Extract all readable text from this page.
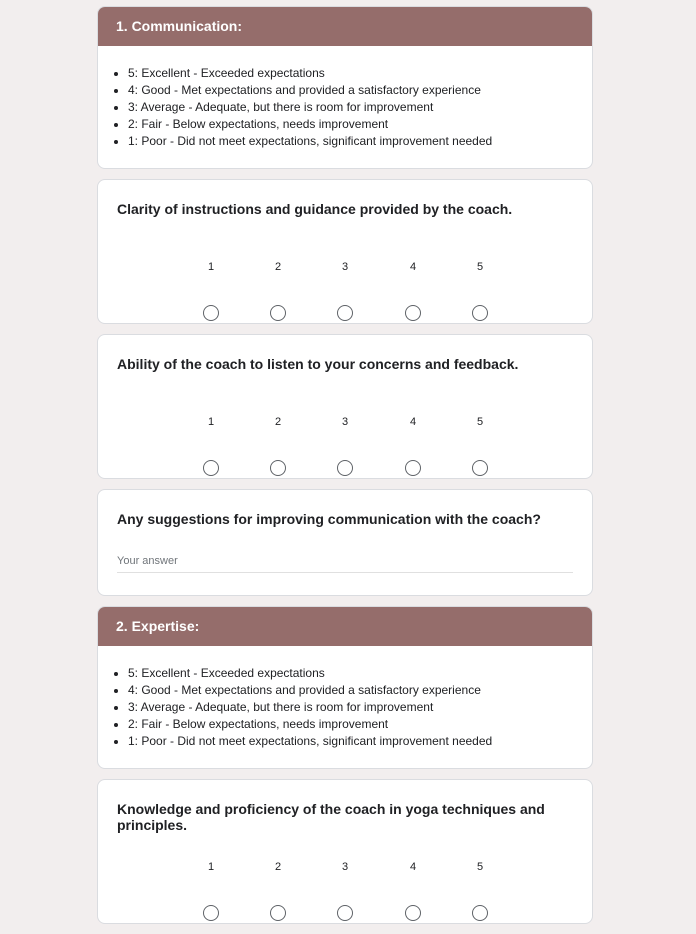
1. Communication:
• 5: Excellent - Exceeded expectations
• 4: Good - Met expectations and provided a satisfactory experience
• 3: Average - Adequate, but there is room for improvement
• 2: Fair - Below expectations, needs improvement
• 1: Poor - Did not meet expectations, significant improvement needed
Clarity of instructions and guidance provided by the coach.
1	2	3	4	5
Ability of the coach to listen to your concerns and feedback.
1	2	3	4	5
Any suggestions for improving communication with the coach?
Your answer
2. Expertise:
• 5: Excellent - Exceeded expectations
• 4: Good - Met expectations and provided a satisfactory experience
• 3: Average - Adequate, but there is room for improvement
• 2: Fair - Below expectations, needs improvement
• 1: Poor - Did not meet expectations, significant improvement needed
Knowledge and proficiency of the coach in yoga techniques and principles.
1	2	3	4	5
